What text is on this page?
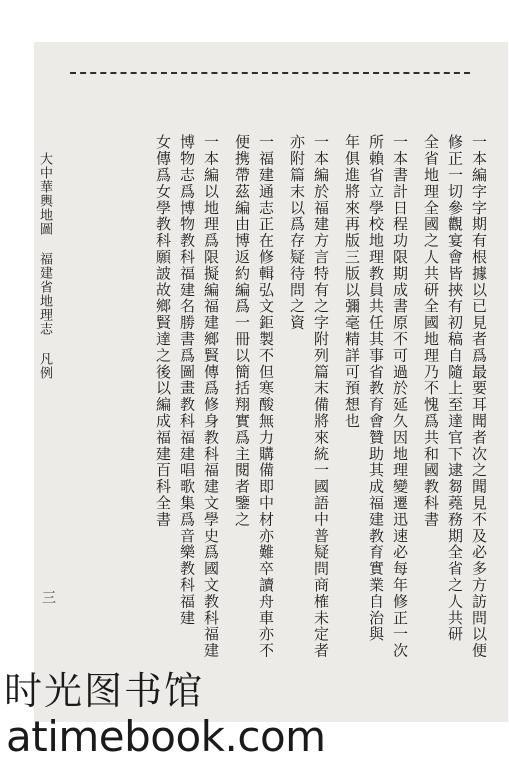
一本編字字期有根據以已見者爲最要耳聞者次之聞見不及必多方訪問以便
修正一切參觀宴會皆挾有初稿自隨上至達官下逮芻蕘務期全省之人共研
全省地理全國之人共研全國地理乃不愧爲共和國教科書
一本書計日程功限期成書原不可過於延久因地理變遷迅速必每年修正一次
所賴省立學校地理教員共任其事省教育會贊助其成福建教育實業自治與
年俱進將來再版三版以彌毫精詳可預想也
一本編於福建方言特有之字附列篇末備將來統一國語中普疑問商榷未定者
亦附篇末以爲存疑待問之資
一福建通志正在修輯弘文鉅製不但寒酸無力購備即中材亦難卒讀舟車亦不
便携帶茲編由博返約編爲一冊以簡括翔實爲主閱者鑒之
一本編以地理爲限擬編福建鄉賢傳爲修身教科福建文學史爲國文教科福建
博物志爲博物教科福建名勝書爲圖畫教科福建唱歌集爲音樂教科福建
女傳爲女學教科願詖故鄉賢達之後以編成福建百科全書
大中華輿地圖 福建省地理志 凡例
三
时光图书馆
atimebook.com
